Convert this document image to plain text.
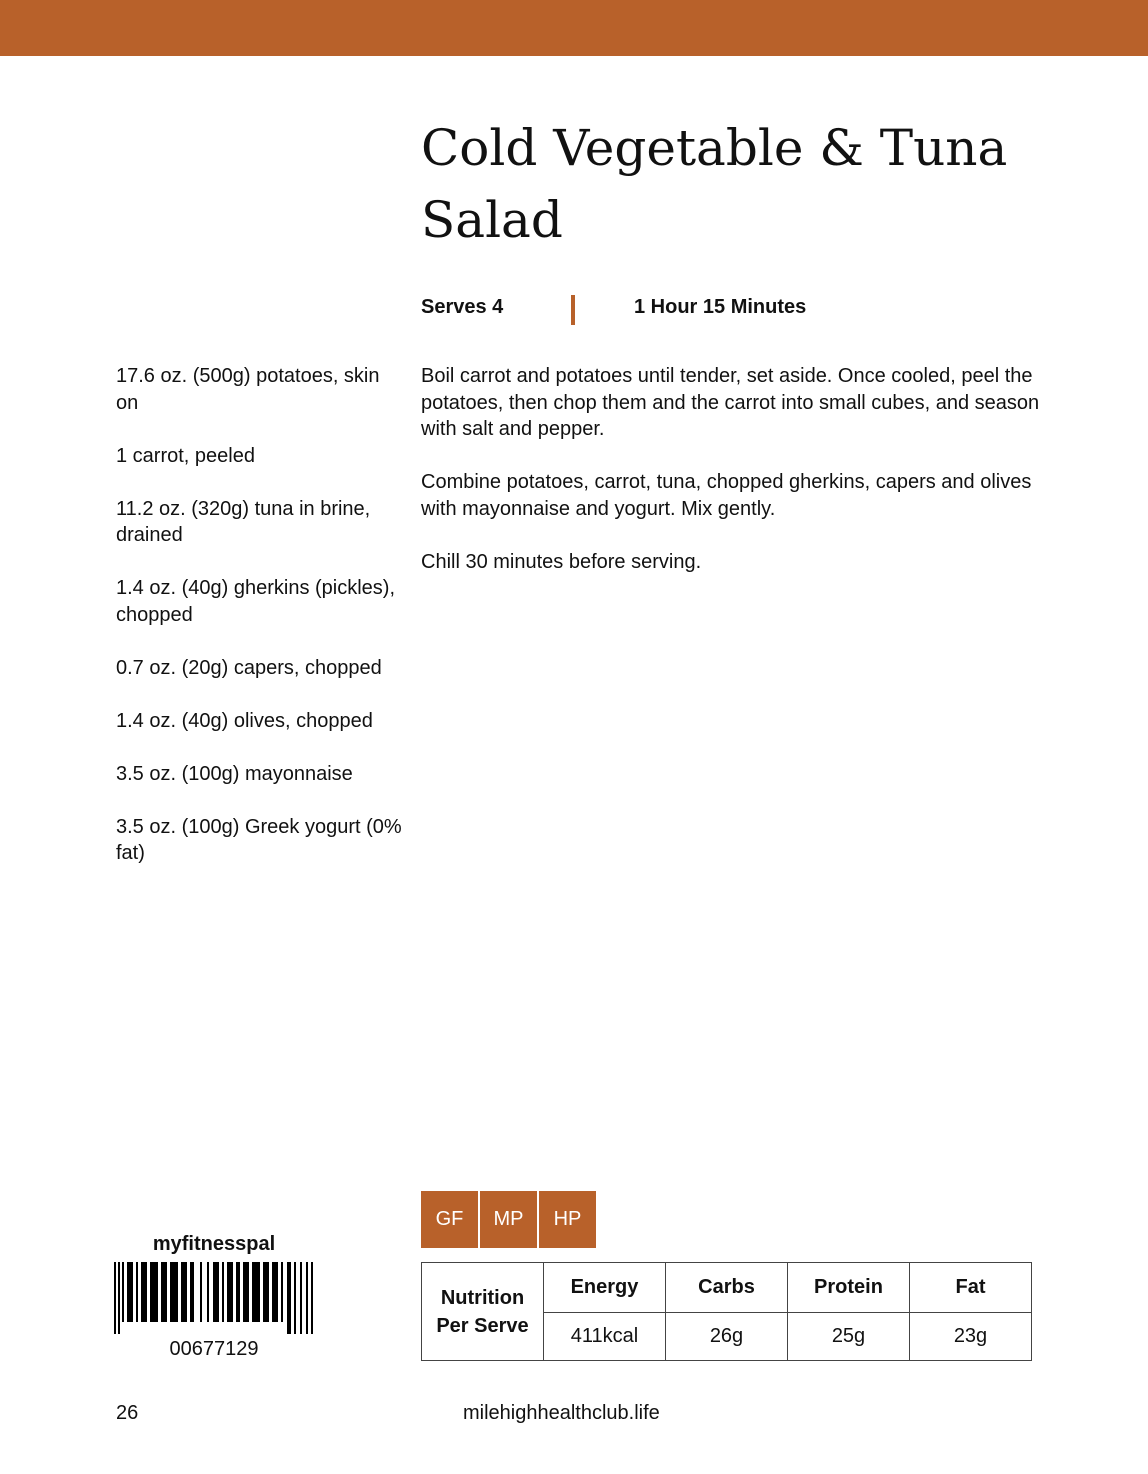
Cold Vegetable & Tuna Salad
Serves 4	1 Hour 15 Minutes

17.6 oz. (500g) potatoes, skin on

1 carrot, peeled

11.2 oz. (320g) tuna in brine, drained

1.4 oz. (40g) gherkins (pickles), chopped

0.7 oz. (20g) capers, chopped

1.4 oz. (40g) olives, chopped

3.5 oz. (100g) mayonnaise

3.5 oz. (100g) Greek yogurt (0% fat)

Boil carrot and potatoes until tender, set aside. Once cooled, peel the potatoes, then chop them and the carrot into small cubes, and season with salt and pepper.

Combine potatoes, carrot, tuna, chopped gherkins, capers and olives with mayonnaise and yogurt. Mix gently.

Chill 30 minutes before serving.

myfitnesspal
00677129
GF	MP	HP
Nutrition Per Serve	Energy	Carbs	Protein	Fat
	411kcal	26g	25g	23g
26	milehighhealthclub.life
